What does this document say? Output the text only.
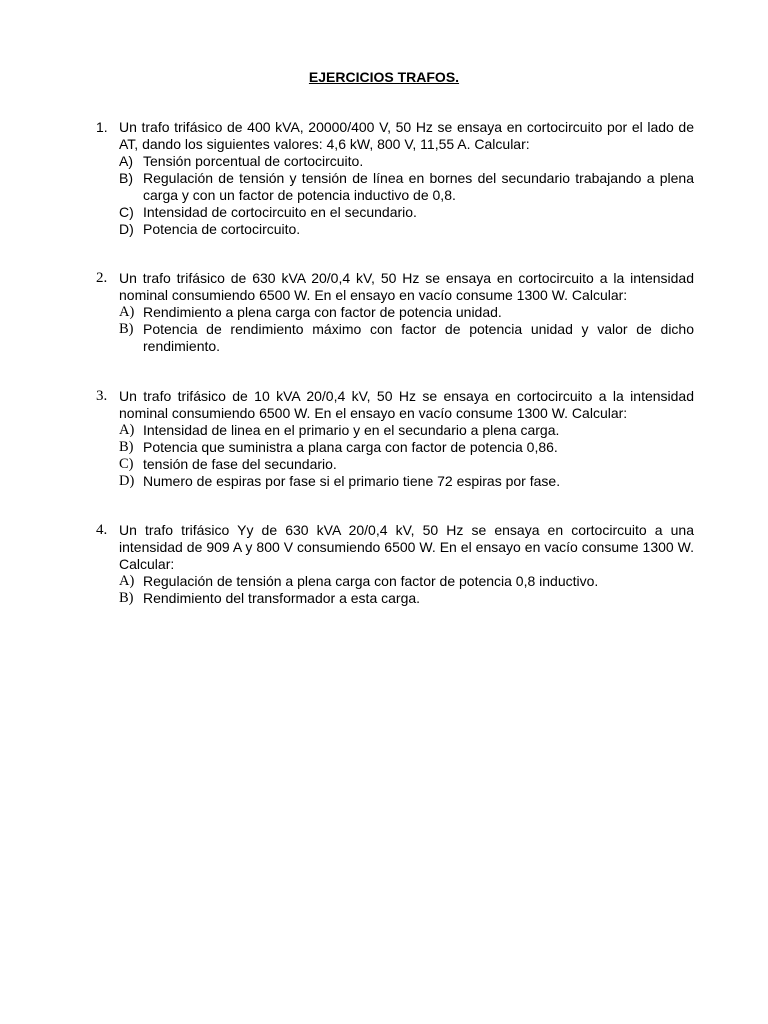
EJERCICIOS TRAFOS.
1. Un trafo trifásico de 400 kVA, 20000/400 V, 50 Hz se ensaya en cortocircuito por el lado de AT, dando los siguientes valores: 4,6 kW, 800 V, 11,55 A. Calcular:
A) Tensión porcentual de cortocircuito.
B) Regulación de tensión y tensión de línea en bornes del secundario trabajando a plena carga y con un factor de potencia inductivo de 0,8.
C) Intensidad de cortocircuito en el secundario.
D) Potencia de cortocircuito.
2. Un trafo trifásico de 630 kVA 20/0,4 kV, 50 Hz se ensaya en cortocircuito a la intensidad nominal consumiendo 6500 W. En el ensayo en vacío consume 1300 W. Calcular:
A) Rendimiento a plena carga con factor de potencia unidad.
B) Potencia de rendimiento máximo con factor de potencia unidad y valor de dicho rendimiento.
3. Un trafo trifásico de 10 kVA 20/0,4 kV, 50 Hz se ensaya en cortocircuito a la intensidad nominal consumiendo 6500 W. En el ensayo en vacío consume 1300 W. Calcular:
A) Intensidad de linea en el primario y en el secundario a plena carga.
B) Potencia que suministra a plana carga con factor de potencia 0,86.
C) tensión de fase del secundario.
D) Numero de espiras por fase si el primario tiene 72 espiras por fase.
4. Un trafo trifásico Yy de 630 kVA 20/0,4 kV, 50 Hz se ensaya en cortocircuito a una intensidad de 909 A y 800 V consumiendo 6500 W. En el ensayo en vacío consume 1300 W. Calcular:
A) Regulación de tensión a plena carga con factor de potencia 0,8 inductivo.
B) Rendimiento del transformador a esta carga.
